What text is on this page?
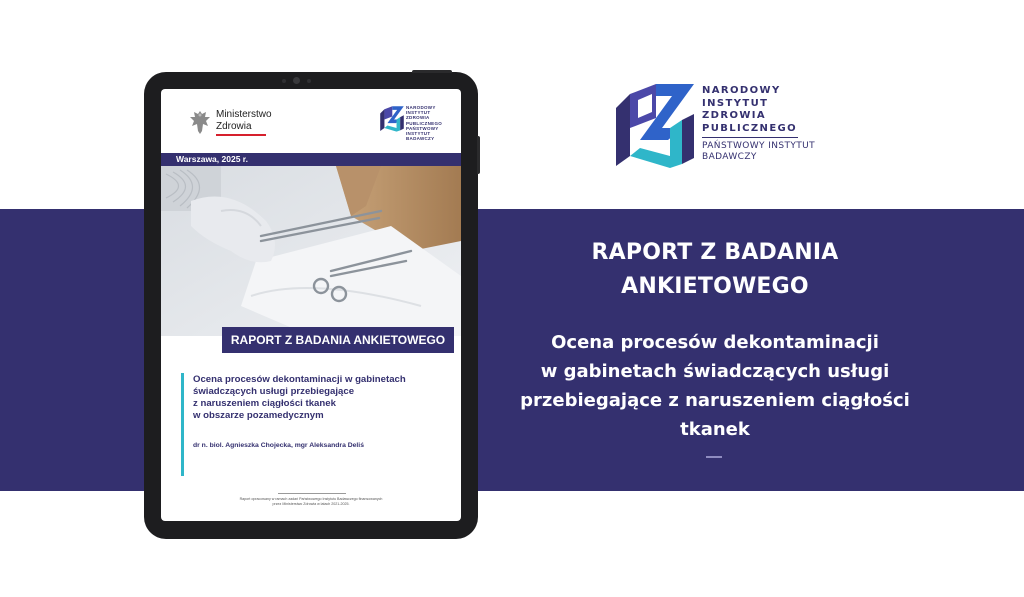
NARODOWY
INSTYTUT
ZDROWIA
PUBLICZNEGO
PAŃSTWOWY INSTYTUT
BADAWCZY
RAPORT Z BADANIA
ANKIETOWEGO
Ocena procesów dekontaminacji
w gabinetach świadczących usługi
przebiegające z naruszeniem ciągłości
tkanek
Ministerstwo
Zdrowia
NARODOWY
INSTYTUT
ZDROWIA
PUBLICZNEGO
PAŃSTWOWY INSTYTUT BADAWCZY
Warszawa, 2025 r.
RAPORT Z BADANIA ANKIETOWEGO
Ocena procesów dekontaminacji w gabinetach
świadczących usługi przebiegające
z naruszeniem ciągłości tkanek
w obszarze pozamedycznym
dr n. biol. Agnieszka Chojecka, mgr Aleksandra Deliś
Raport opracowany w ramach zadań Państwowego Instytutu Badawczego finansowanych
przez Ministerstwo Zdrowia w latach 2021-2025.
